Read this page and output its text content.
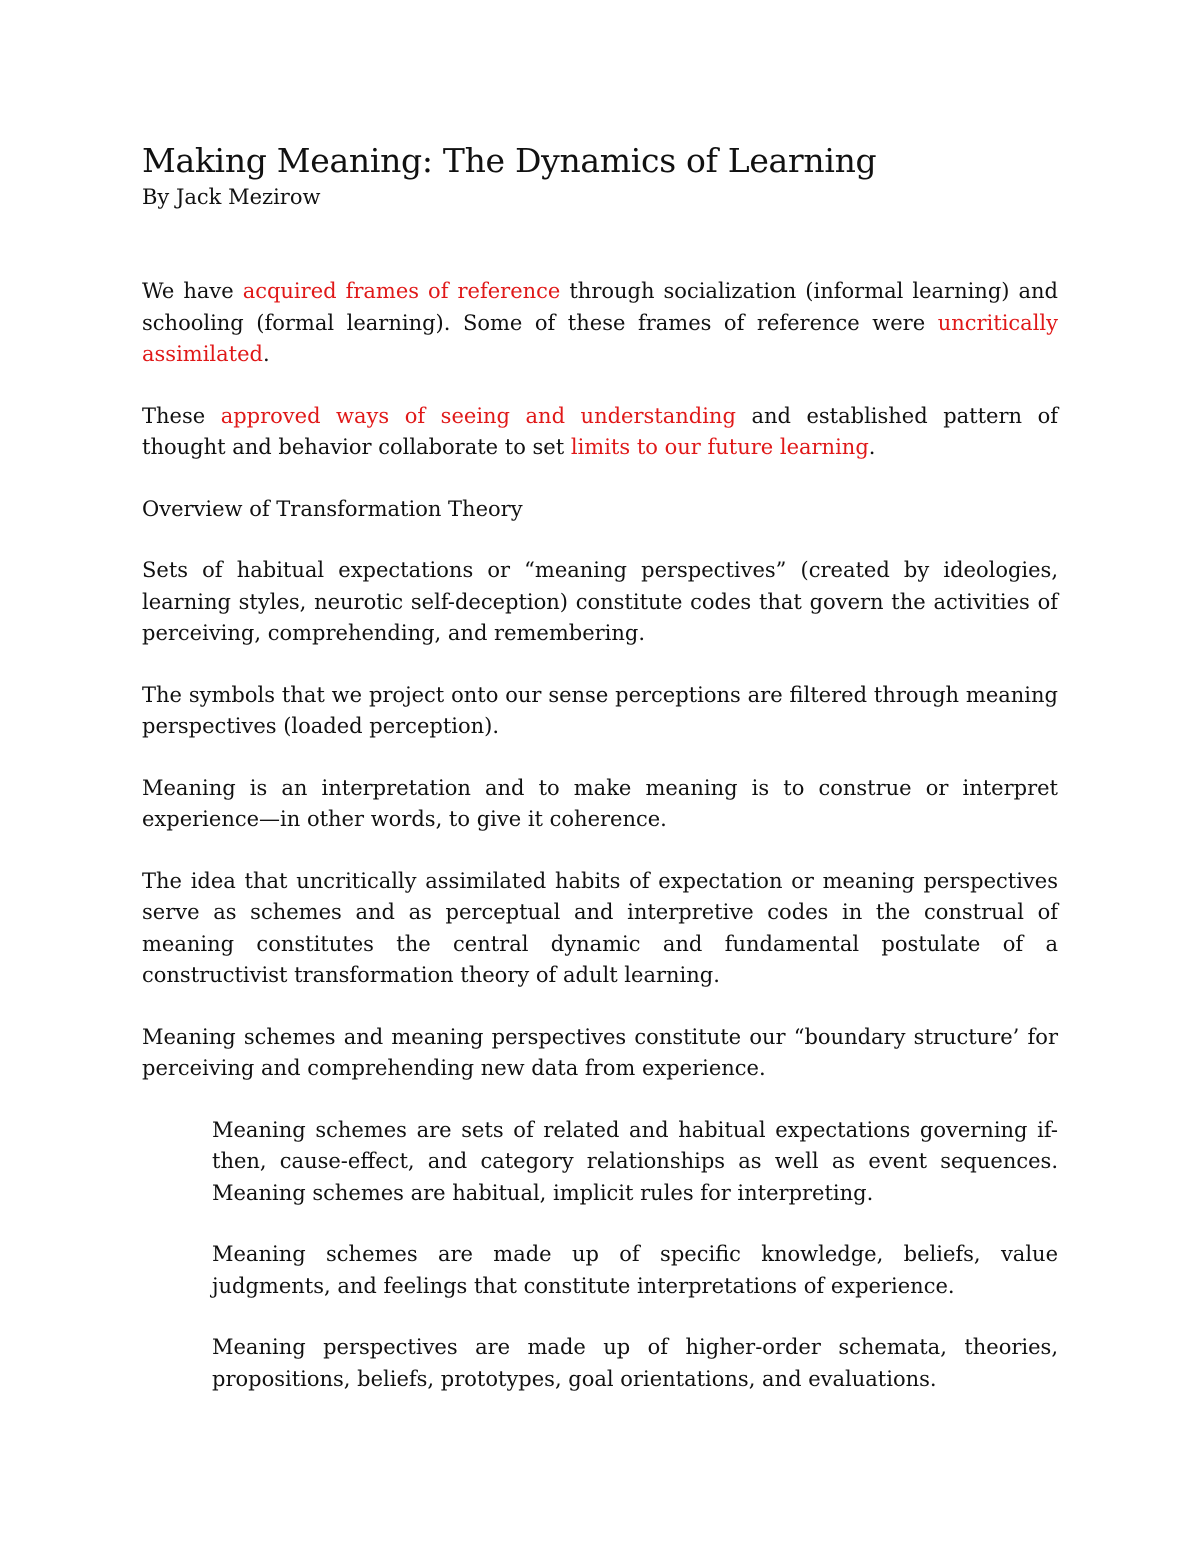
Making Meaning: The Dynamics of Learning

By Jack Mezirow

We have acquired frames of reference through socialization (informal learning) and schooling (formal learning). Some of these frames of reference were uncritically assimilated.

These approved ways of seeing and understanding and established pattern of thought and behavior collaborate to set limits to our future learning.

Overview of Transformation Theory

Sets of habitual expectations or “meaning perspectives” (created by ideologies, learning styles, neurotic self-deception) constitute codes that govern the activities of perceiving, comprehending, and remembering.

The symbols that we project onto our sense perceptions are filtered through meaning perspectives (loaded perception).

Meaning is an interpretation and to make meaning is to construe or interpret experience—in other words, to give it coherence.

The idea that uncritically assimilated habits of expectation or meaning perspectives serve as schemes and as perceptual and interpretive codes in the construal of meaning constitutes the central dynamic and fundamental postulate of a constructivist transformation theory of adult learning.

Meaning schemes and meaning perspectives constitute our “boundary structure’ for perceiving and comprehending new data from experience.

Meaning schemes are sets of related and habitual expectations governing if-then, cause-effect, and category relationships as well as event sequences. Meaning schemes are habitual, implicit rules for interpreting.

Meaning schemes are made up of specific knowledge, beliefs, value judgments, and feelings that constitute interpretations of experience.

Meaning perspectives are made up of higher-order schemata, theories, propositions, beliefs, prototypes, goal orientations, and evaluations.
